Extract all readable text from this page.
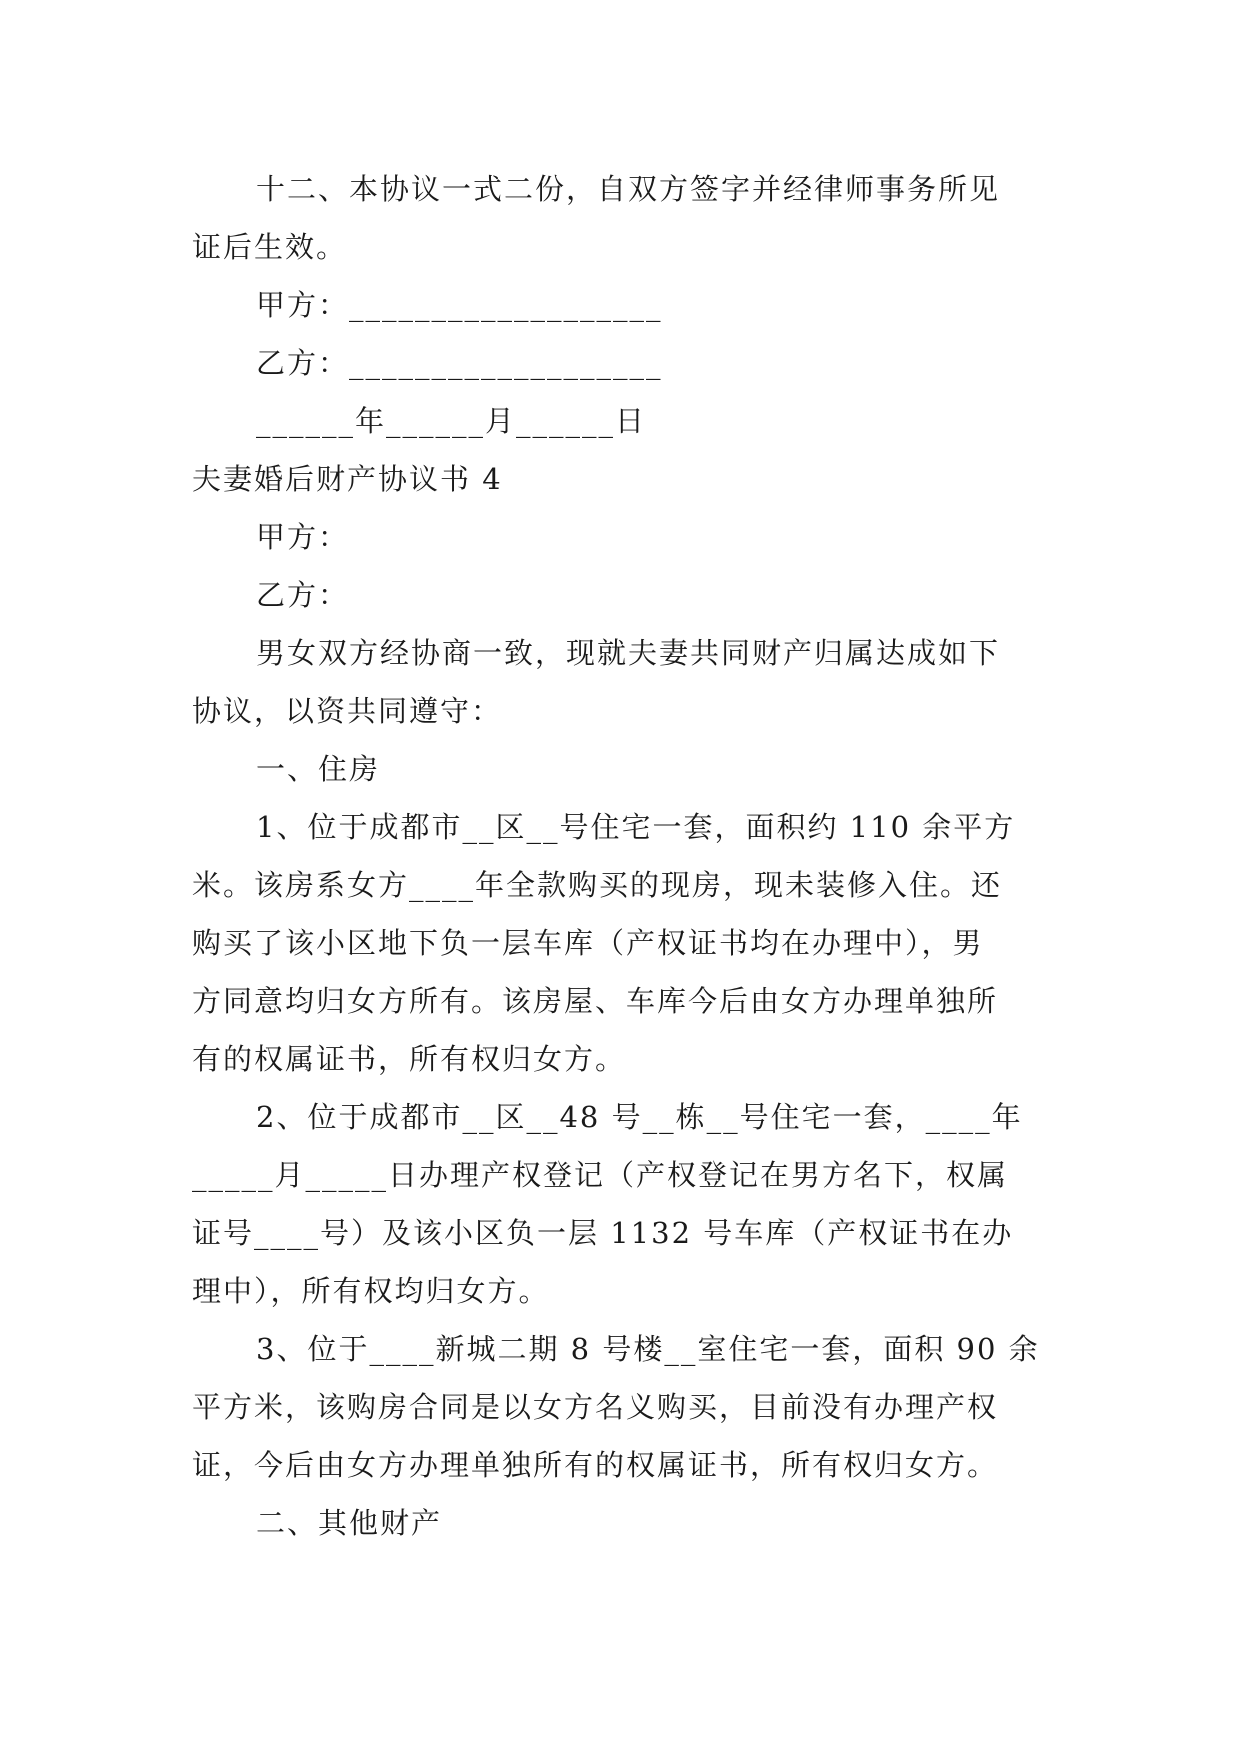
十二、本协议一式二份，自双方签字并经律师事务所见
证后生效。
甲方：___________________
乙方：___________________
______年______月______日
夫妻婚后财产协议书 4
甲方：
乙方：
男女双方经协商一致，现就夫妻共同财产归属达成如下
协议，以资共同遵守：
一、住房
1、位于成都市__区__号住宅一套，面积约 110 余平方
米。该房系女方____年全款购买的现房，现未装修入住。还
购买了该小区地下负一层车库（产权证书均在办理中），男
方同意均归女方所有。该房屋、车库今后由女方办理单独所
有的权属证书，所有权归女方。
2、位于成都市__区__48 号__栋__号住宅一套，____年
_____月_____日办理产权登记（产权登记在男方名下，权属
证号____号）及该小区负一层 1132 号车库（产权证书在办
理中），所有权均归女方。
3、位于____新城二期 8 号楼__室住宅一套，面积 90 余
平方米，该购房合同是以女方名义购买，目前没有办理产权
证，今后由女方办理单独所有的权属证书，所有权归女方。
二、其他财产
